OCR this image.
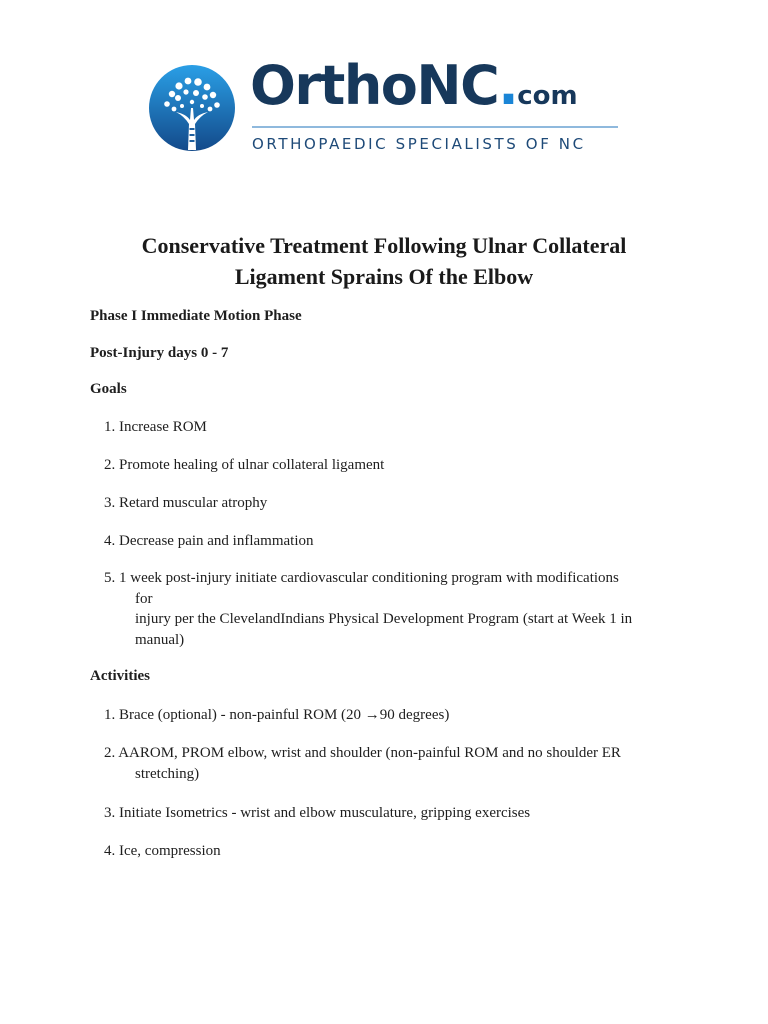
OrthoNC.com
ORTHOPAEDIC SPECIALISTS OF NC
Conservative Treatment Following Ulnar Collateral
Ligament Sprains Of the Elbow

Phase I Immediate Motion Phase

Post-Injury days 0 - 7

Goals

1. Increase ROM
2. Promote healing of ulnar collateral ligament
3. Retard muscular atrophy
4. Decrease pain and inflammation
5. 1 week post-injury initiate cardiovascular conditioning program with modifications
for
injury per the ClevelandIndians Physical Development Program (start at Week 1 in
manual)

Activities

1. Brace (optional) - non-painful ROM (20 →90 degrees)
2. AAROM, PROM elbow, wrist and shoulder (non-painful ROM and no shoulder ER
stretching)
3. Initiate Isometrics - wrist and elbow musculature, gripping exercises
4. Ice, compression
